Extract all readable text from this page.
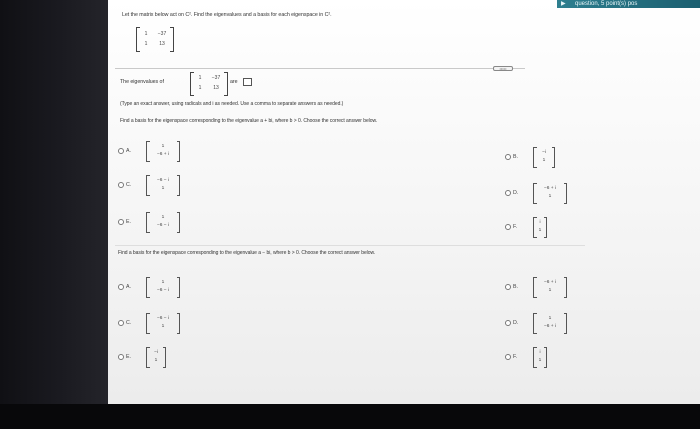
▶ question, 5 point(s) pos
Let the matrix below act on C². Find the eigenvalues and a basis for each eigenspace in C².
1	−37
1	13
•••••
The eigenvalues of
1	−37
1	13
are
(Type an exact answer, using radicals and i as needed. Use a comma to separate answers as needed.)
Find a basis for the eigenspace corresponding to the eigenvalue a + bi, where b > 0. Choose the correct answer below.
A.
1
−6 + i	B.
−i
1
C.
−6 − i
1
D.
−6 + i
1
E.
1
−6 − i	F.
i
1
Find a basis for the eigenspace corresponding to the eigenvalue a − bi, where b > 0. Choose the correct answer below.
A.
1
−6 − i
B.
−6 + i
1
C.
−6 − i
1
D.
1
−6 + i
E.
−i
1
F.
i
1
